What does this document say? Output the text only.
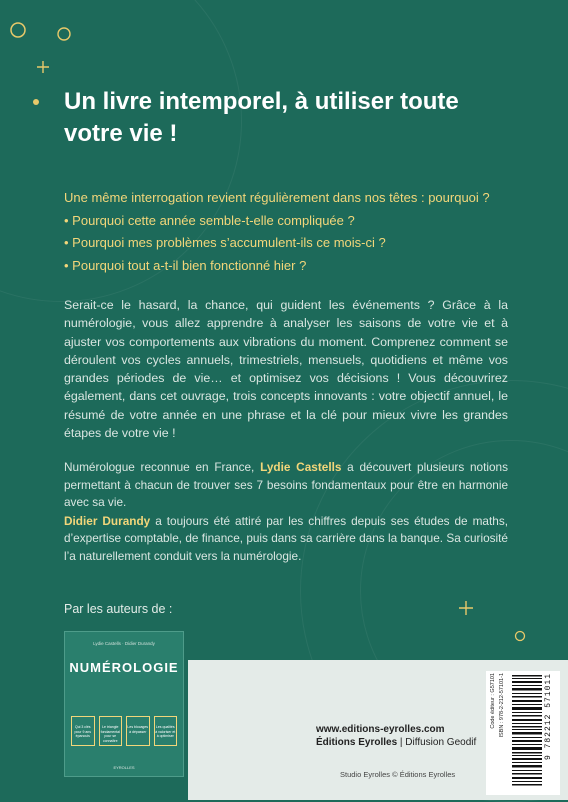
Un livre intemporel, à utiliser toute votre vie !

Une même interrogation revient régulièrement dans nos têtes : pourquoi ?

• Pourquoi cette année semble-t-elle compliquée ?

• Pourquoi mes problèmes s’accumulent-ils ce mois-ci ?

• Pourquoi tout a-t-il bien fonctionné hier ?

Serait-ce le hasard, la chance, qui guident les événements ? Grâce à la numérologie, vous allez apprendre à analyser les saisons de votre vie et à ajuster vos comportements aux vibrations du moment. Comprenez comment se déroulent vos cycles annuels, trimestriels, mensuels, quotidiens et même vos grandes périodes de vie… et optimisez vos décisions ! Vous découvrirez également, dans cet ouvrage, trois concepts innovants : votre objectif annuel, le résumé de votre année en une phrase et la clé pour mieux vivre les grandes étapes de votre vie !

Numérologue reconnue en France, Lydie Castells a découvert plusieurs notions permettant à chacun de trouver ses 7 besoins fondamentaux pour être en harmonie avec sa vie.

Didier Durandy a toujours été attiré par les chiffres depuis ses études de maths, d’expertise comptable, de finance, puis dans sa carrière dans la banque. Sa curiosité l’a naturellement conduit vers la numérologie.

Par les auteurs de :
Lydie Castells · Didier Durandy
NUMÉROLOGIE
Qui 3 clés pour 9 ans épanouis
Le triangle fondamental pour se connaître
Les blocages à dépasser
Les qualités à valoriser et à optimiser
EYROLLES
www.editions-eyrolles.com
Éditions Eyrolles | Diffusion Geodif
Studio Eyrolles © Éditions Eyrolles
Code éditeur : G57101 ISBN : 978-2-212-57101-1	9 782212 571011
